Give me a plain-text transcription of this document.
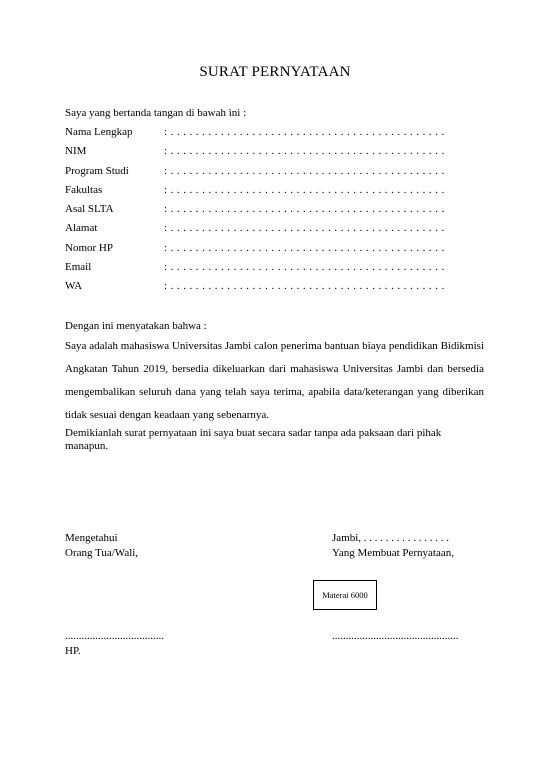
SURAT PERNYATAAN
Saya yang bertanda tangan di bawah ini :
Nama Lengkap	: . . . . . . . . . . . . . . . . . . . . . . . . . . . . . . . . . . . . . . . . . . . .
NIM	: . . . . . . . . . . . . . . . . . . . . . . . . . . . . . . . . . . . . . . . . . . . .
Program Studi	: . . . . . . . . . . . . . . . . . . . . . . . . . . . . . . . . . . . . . . . . . . . .
Fakultas	: . . . . . . . . . . . . . . . . . . . . . . . . . . . . . . . . . . . . . . . . . . . .
Asal SLTA	: . . . . . . . . . . . . . . . . . . . . . . . . . . . . . . . . . . . . . . . . . . . .
Alamat	: . . . . . . . . . . . . . . . . . . . . . . . . . . . . . . . . . . . . . . . . . . . .
Nomor HP	: . . . . . . . . . . . . . . . . . . . . . . . . . . . . . . . . . . . . . . . . . . . .
Email	: . . . . . . . . . . . . . . . . . . . . . . . . . . . . . . . . . . . . . . . . . . . .
WA	: . . . . . . . . . . . . . . . . . . . . . . . . . . . . . . . . . . . . . . . . . . . .
Dengan ini menyatakan bahwa :
Saya adalah mahasiswa Universitas Jambi calon penerima bantuan biaya pendidikan Bidikmisi Angkatan Tahun 2019, bersedia dikeluarkan dari mahasiswa Universitas Jambi dan bersedia mengembalikan seluruh dana yang telah saya terima, apabila data/keterangan yang diberikan tidak sesuai dengan keadaan yang sebenarnya.
Demikianlah surat pernyataan ini saya buat secara sadar tanpa ada paksaan dari pihak manapun.
Mengetahui
Orang Tua/Wali,
Jambi, . . . . . . . . . . . . . . . .
Yang Membuat Pernyataan,
Materai 6000
....................................	..............................................
HP.
